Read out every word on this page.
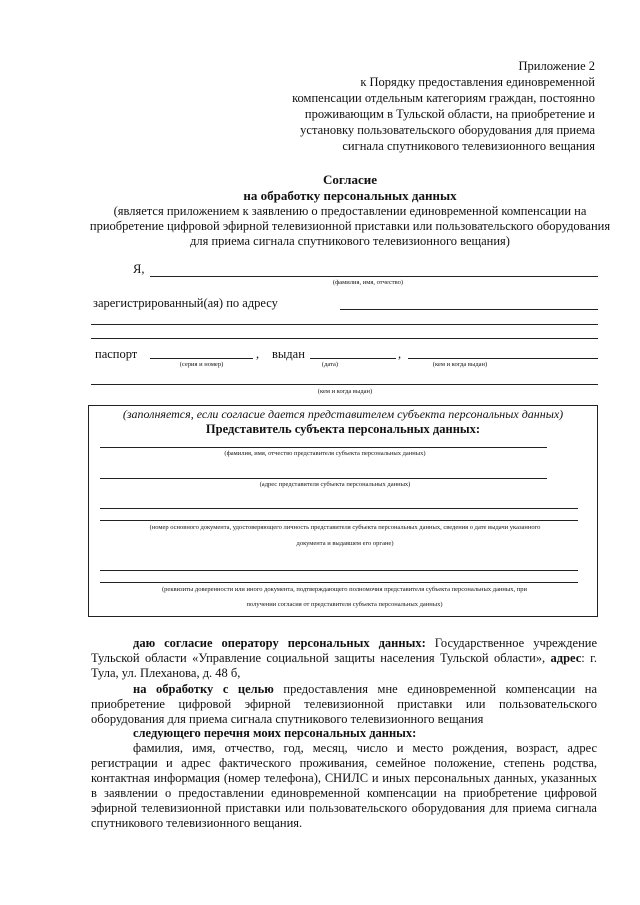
Приложение 2
к Порядку предоставления единовременной
компенсации отдельным категориям граждан, постоянно
проживающим в Тульской области, на приобретение и
установку пользовательского оборудования для приема
сигнала спутникового телевизионного вещания
Согласие
на обработку персональных данных
(является приложением к заявлению о предоставлении единовременной компенсации на приобретение цифровой эфирной телевизионной приставки или пользовательского оборудования для приема сигнала спутникового телевизионного вещания)
Я,
(фамилия, имя, отчество)
зарегистрированный(ая) по адресу
паспорт	, выдан	,
(серия и номер)	(дата)	(кем и когда выдан)
(кем и когда выдан)
(заполняется, если согласие дается представителем субъекта персональных данных)
Представитель субъекта персональных данных:
(фамилия, имя, отчество представителя субъекта персональных данных)
(адрес представителя субъекта персональных данных)
(номер основного документа, удостоверяющего личность представителя субъекта персональных данных, сведения о дате выдачи указанного
документа и выдавшем его органе)
(реквизиты доверенности или иного документа, подтверждающего полномочия представителя субъекта персональных данных, при
получении согласия от представителя субъекта персональных данных)
даю согласие оператору персональных данных: Государственное учреждение Тульской области «Управление социальной защиты населения Тульской области», адрес: г. Тула, ул. Плеханова, д. 48 б,
на обработку с целью предоставления мне единовременной компенсации на приобретение цифровой эфирной телевизионной приставки или пользовательского оборудования для приема сигнала спутникового телевизионного вещания
следующего перечня моих персональных данных:
фамилия, имя, отчество, год, месяц, число и место рождения, возраст, адрес регистрации и адрес фактического проживания, семейное положение, степень родства, контактная информация (номер телефона), СНИЛС и иных персональных данных, указанных в заявлении о предоставлении единовременной компенсации на приобретение цифровой эфирной телевизионной приставки или пользовательского оборудования для приема сигнала спутникового телевизионного вещания.
